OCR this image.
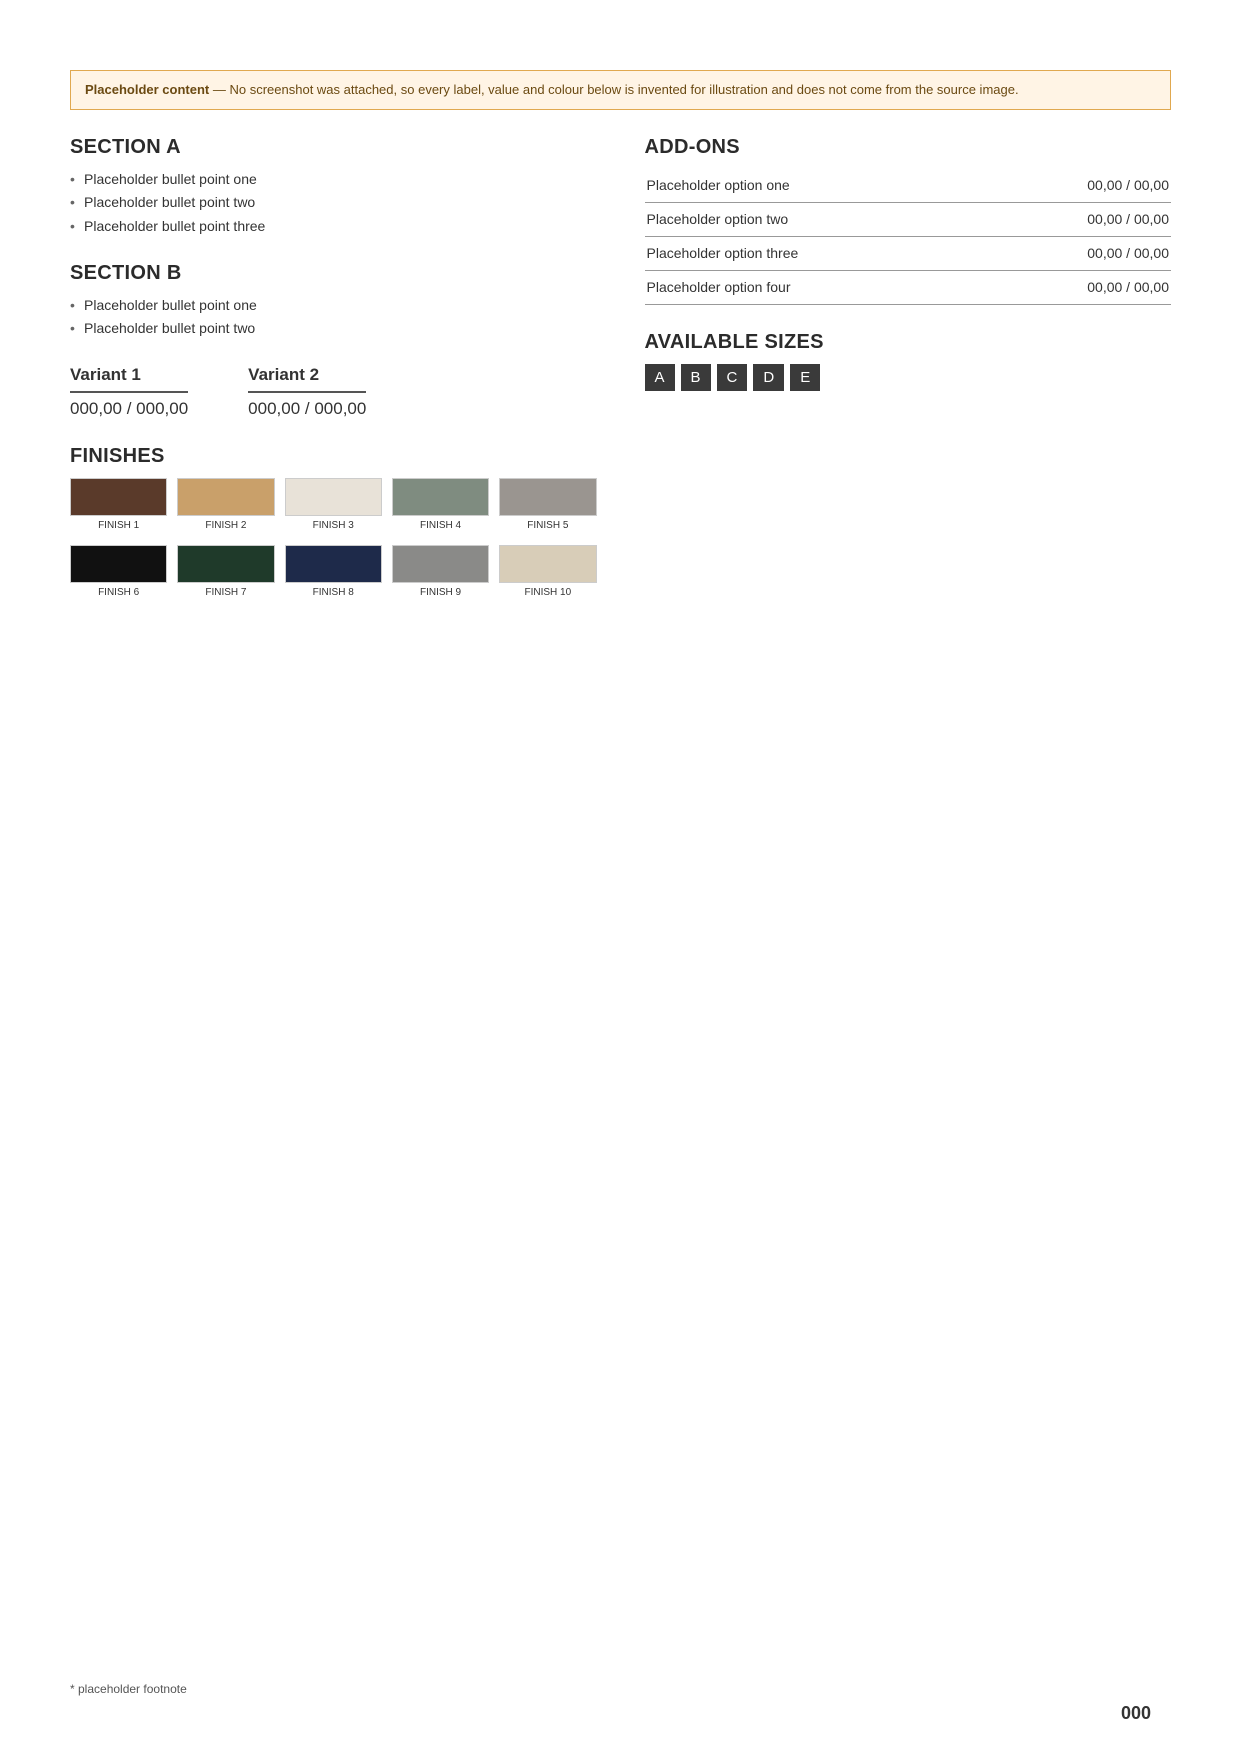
Placeholder content — No screenshot was attached, so every label, value and colour below is invented for illustration and does not come from the source image.
SECTION A
• Placeholder bullet point one
• Placeholder bullet point two
• Placeholder bullet point three
SECTION B
• Placeholder bullet point one
• Placeholder bullet point two
Variant 1
000,00 / 000,00
Variant 2
000,00 / 000,00
FINISHES
FINISH 1	FINISH 2	FINISH 3	FINISH 4	FINISH 5
FINISH 6	FINISH 7	FINISH 8	FINISH 9	FINISH 10
ADD-ONS
Placeholder option one	00,00 / 00,00
Placeholder option two	00,00 / 00,00
Placeholder option three	00,00 / 00,00
Placeholder option four	00,00 / 00,00
AVAILABLE SIZES
A	B	C	D	E
* placeholder footnote
000
